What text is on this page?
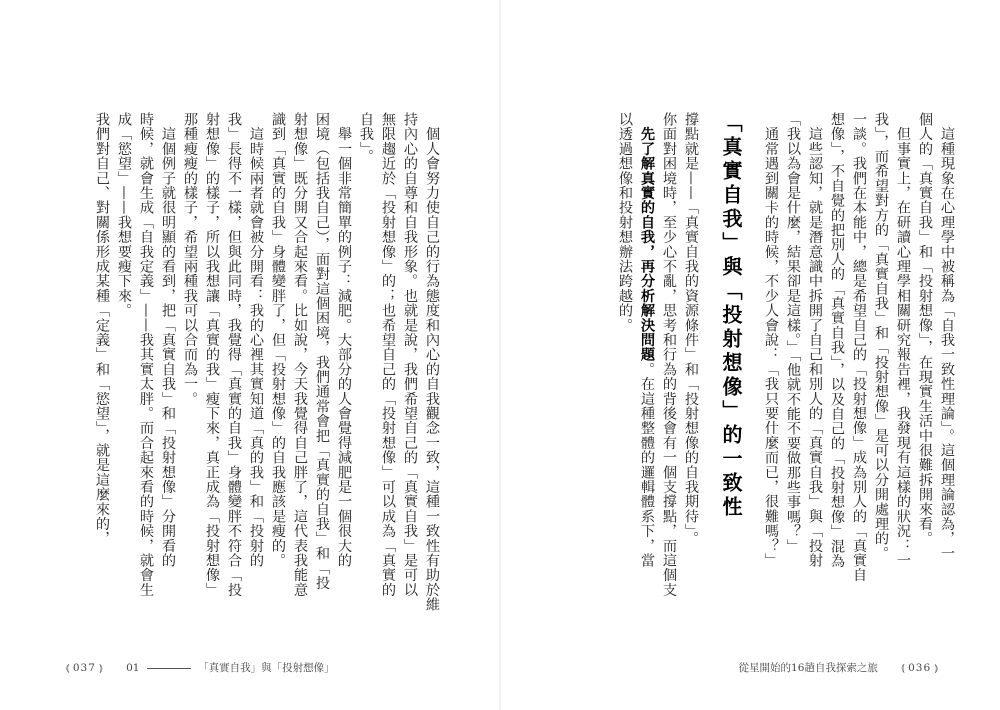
　個人會努力使自己的行為態度和內心的自我觀念一致，這種一致性有助於維
持內心的自尊和自我形象。也就是說，我們希望自己的「真實自我」是可以
無限趨近於「投射想像」的；也希望自己的「投射想像」可以成為「真實的
自我」。
　舉一個非常簡單的例子：減肥。大部分的人會覺得減肥是一個很大的
困境（包括我自己），面對這個困境，我們通常會把「真實的自我」和「投
射想像」既分開又合起來看。比如說，今天我覺得自己胖了，這代表我能意
識到「真實的自我」身體變胖了，但「投射想像」的自我應該是瘦的。
　這時候兩者就會被分開看：我的心裡其實知道「真的我」和「投射的
我」長得不一樣，但與此同時，我覺得「真實的自我」身體變胖不符合「投
射想像」的樣子，所以我想讓「真實的我」瘦下來，真正成為「投射想像」
那種瘦瘦的樣子，希望兩種我可以合而為一。
　這個例子就很明顯的看到，把「真實自我」和「投射想像」分開看的
時候，就會生成「自我定義」——我其實太胖。而合起來看的時候，就會生
成「慾望」——我想要瘦下來。
我們對自己、對關係形成某種「定義」和「慾望」，就是這麼來的，
⦅ 037 ⦆ 01	「真實自我」與「投射想像」
　這種現象在心理學中被稱為「自我一致性理論」。這個理論認為，一
個人的「真實自我」和「投射想像」，在現實生活中很難拆開來看。
　但事實上，在研讀心理學相關研究報告裡，我發現有這樣的狀況：一
我」，而希望對方的「真實自我」和「投射想像」是可以分開處理的。
一談。我們在本能中，總是希望自己的「投射想像」成為別人的「真實自
想像」，不自覺的把別人的「真實自我」，以及自己的「投射想像」混為
　這些認知，就是潛意識中拆開了自己和別人的「真實自我」與「投射
「我以為會是什麼，結果卻是這樣。」「他就不能不要做那些事嗎？」
　通常遇到關卡的時候，不少人會說：「我只要什麼而已，很難嗎？」
「真實自我」與「投射想像」的一致性
撐點就是——「真實自我的資源條件」和「投射想像的自我期待」。
你面對困境時，至少心不亂，思考和行為的背後會有一個支撐點，而這個支
　先了解真實的自我，再分析解決問題。在這種整體的邏輯體系下，當
以透過想像和投射想辦法跨越的。
從星開始的16趟自我探索之旅 ⦅ 036 ⦆
